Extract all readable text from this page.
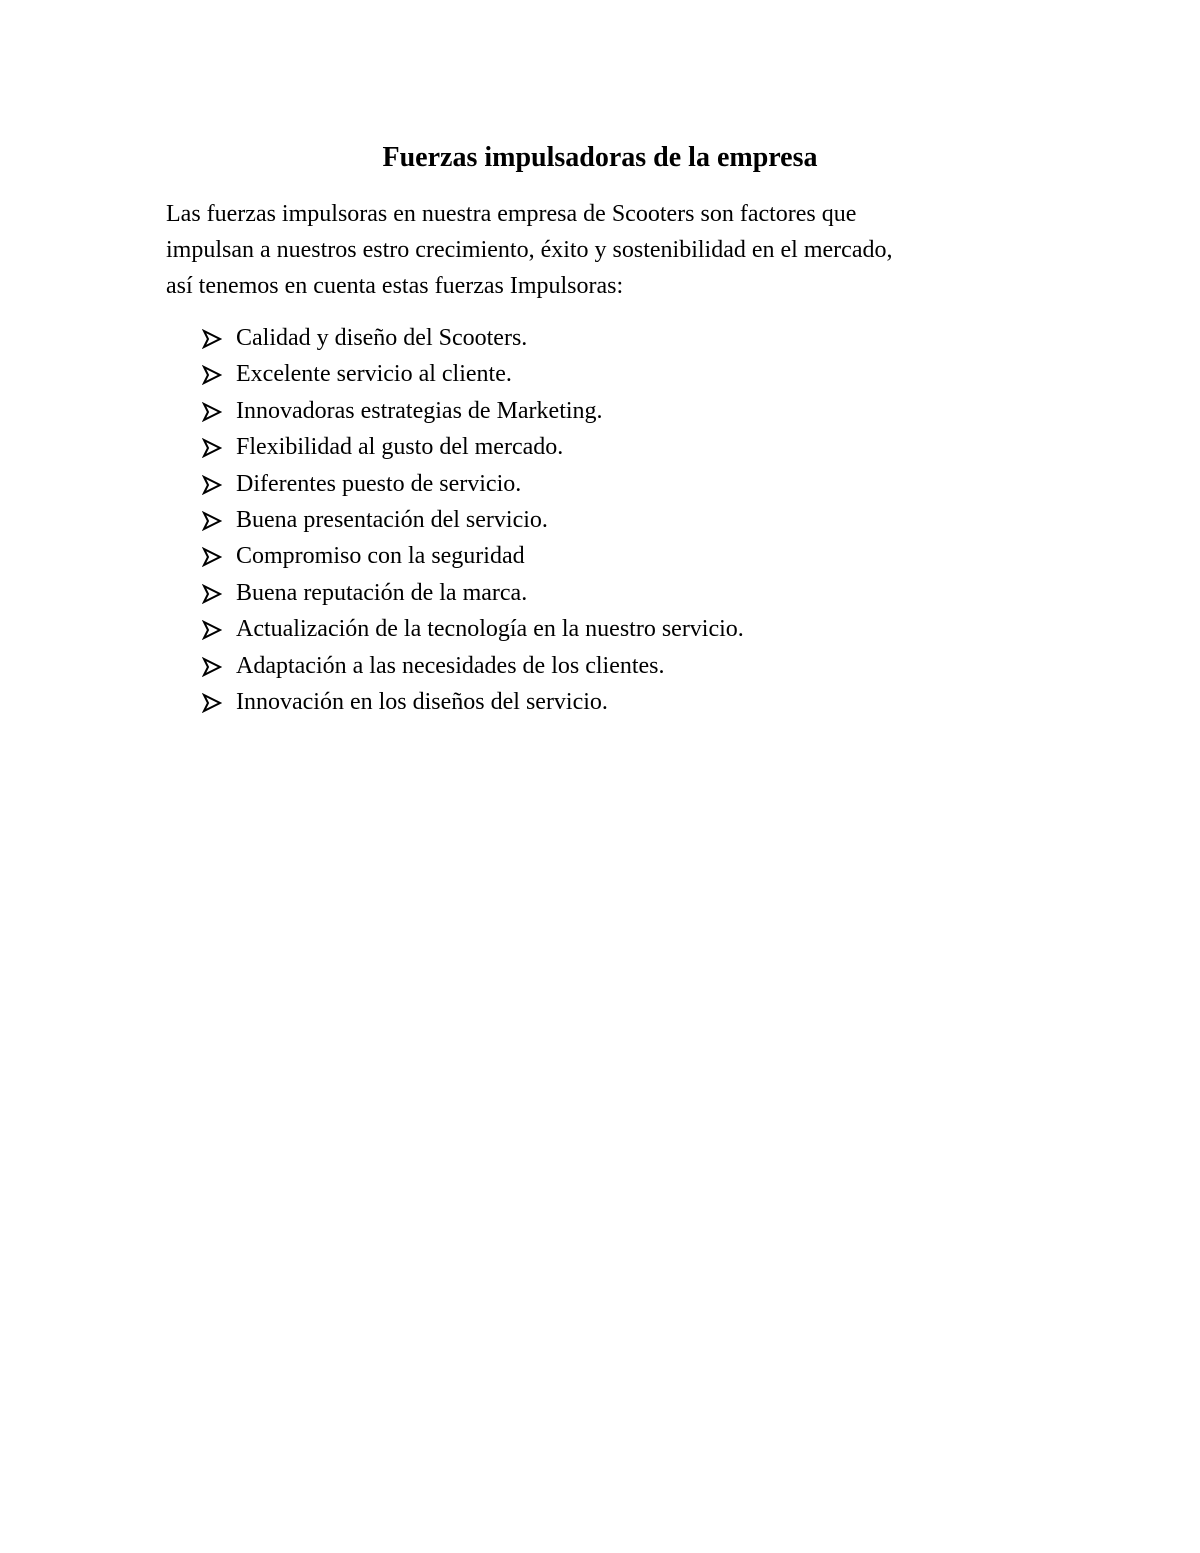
Fuerzas impulsadoras de la empresa

Las fuerzas impulsoras en nuestra empresa de Scooters son factores que
impulsan a nuestros estro crecimiento, éxito y sostenibilidad en el mercado,
así tenemos en cuenta estas fuerzas Impulsoras:

Calidad y diseño del Scooters.
Excelente servicio al cliente.
Innovadoras estrategias de Marketing.
Flexibilidad al gusto del mercado.
Diferentes puesto de servicio.
Buena presentación del servicio.
Compromiso con la seguridad
Buena reputación de la marca.
Actualización de la tecnología en la nuestro servicio.
Adaptación a las necesidades de los clientes.
Innovación en los diseños del servicio.
